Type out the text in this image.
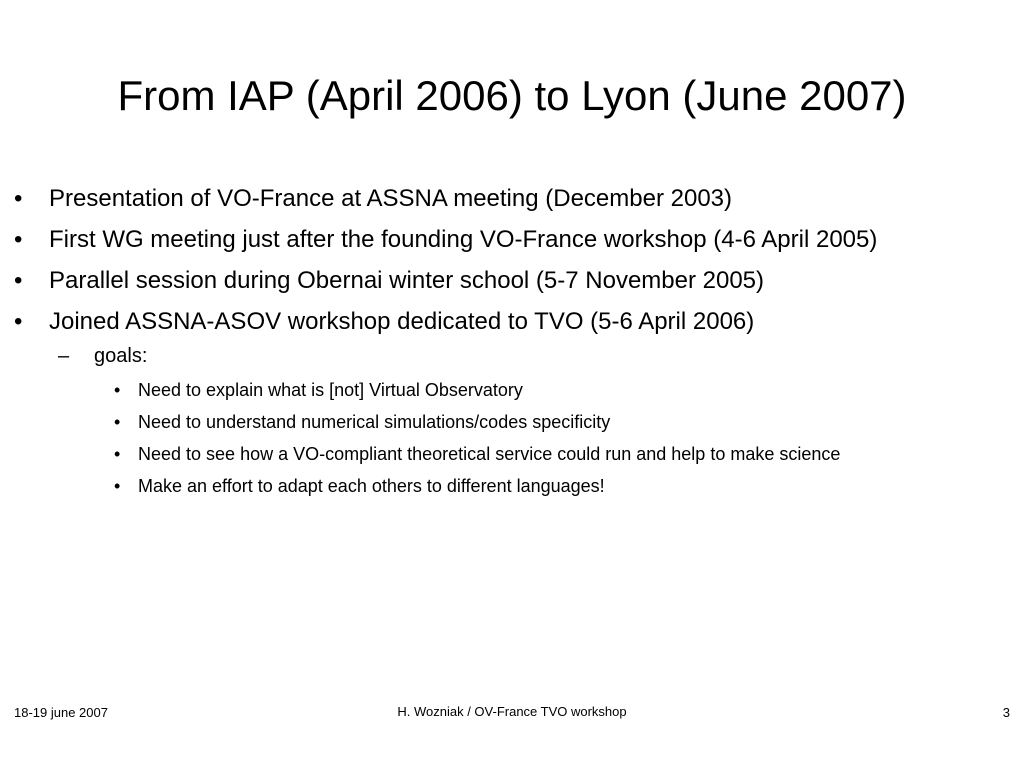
From IAP (April 2006) to Lyon (June 2007)
• Presentation of VO-France at ASSNA meeting (December 2003)
• First WG meeting just after the founding VO-France workshop (4-6 April 2005)
• Parallel session during Obernai winter school (5-7 November 2005)
• Joined ASSNA-ASOV workshop dedicated to TVO (5-6 April 2006)
– goals:
• Need to explain what is [not] Virtual Observatory
• Need to understand numerical simulations/codes specificity
• Need to see how a VO-compliant theoretical service could run and help to make science
• Make an effort to adapt each others to different languages!
18-19 june 2007	H. Wozniak / OV-France TVO workshop	3
